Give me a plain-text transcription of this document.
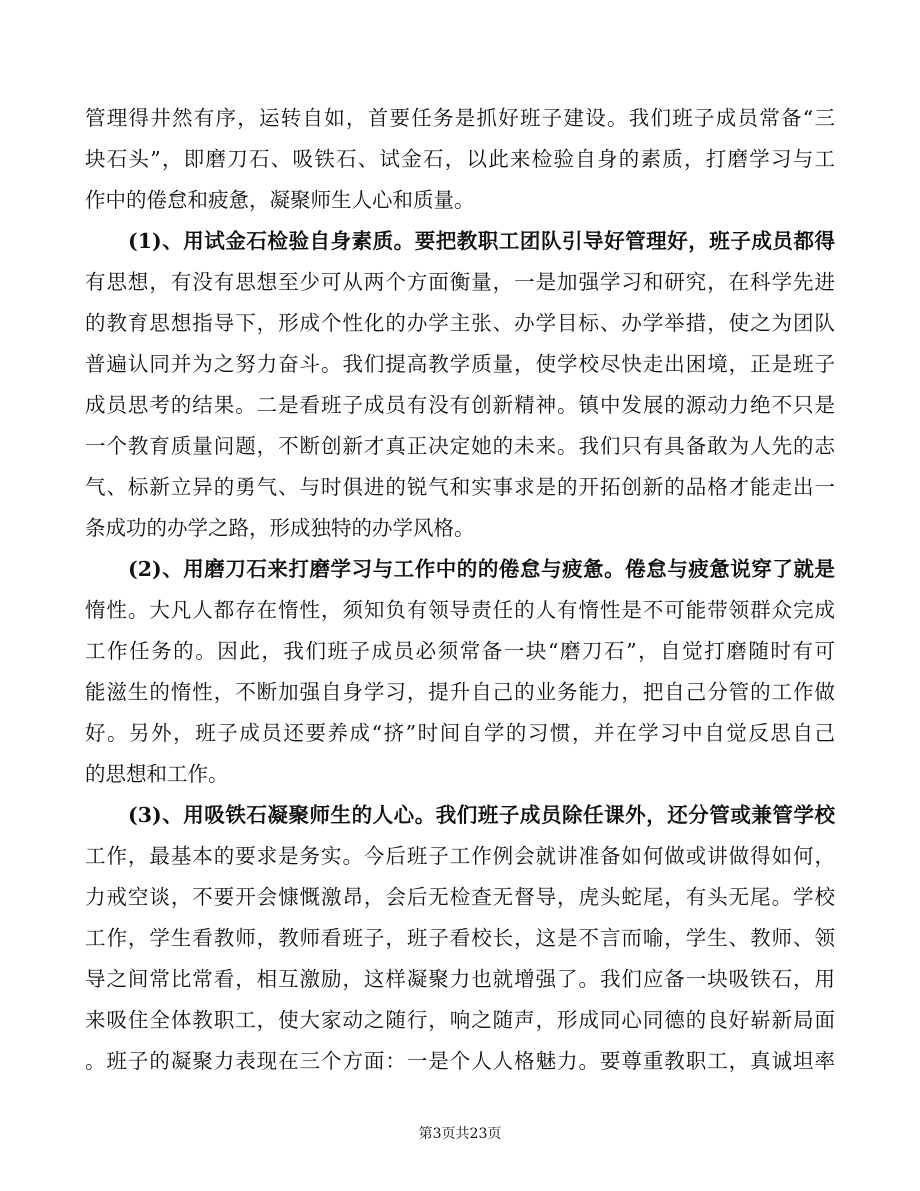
管理得井然有序，运转自如，首要任务是抓好班子建设。我们班子成员常备“三

块石头”，即磨刀石、吸铁石、试金石，以此来检验自身的素质，打磨学习与工

作中的倦怠和疲惫，凝聚师生人心和质量。

(1)、用试金石检验自身素质。要把教职工团队引导好管理好，班子成员都得

有思想，有没有思想至少可从两个方面衡量，一是加强学习和研究，在科学先进

的教育思想指导下，形成个性化的办学主张、办学目标、办学举措，使之为团队

普遍认同并为之努力奋斗。我们提高教学质量，使学校尽快走出困境，正是班子

成员思考的结果。二是看班子成员有没有创新精神。镇中发展的源动力绝不只是

一个教育质量问题，不断创新才真正决定她的未来。我们只有具备敢为人先的志

气、标新立异的勇气、与时俱进的锐气和实事求是的开拓创新的品格才能走出一

条成功的办学之路，形成独特的办学风格。

(2)、用磨刀石来打磨学习与工作中的的倦怠与疲惫。倦怠与疲惫说穿了就是

惰性。大凡人都存在惰性，须知负有领导责任的人有惰性是不可能带领群众完成

工作任务的。因此，我们班子成员必须常备一块“磨刀石”，自觉打磨随时有可

能滋生的惰性，不断加强自身学习，提升自己的业务能力，把自己分管的工作做

好。另外，班子成员还要养成“挤”时间自学的习惯，并在学习中自觉反思自己

的思想和工作。

(3)、用吸铁石凝聚师生的人心。我们班子成员除任课外，还分管或兼管学校

工作，最基本的要求是务实。今后班子工作例会就讲准备如何做或讲做得如何，

力戒空谈，不要开会慷慨激昂，会后无检查无督导，虎头蛇尾，有头无尾。学校

工作，学生看教师，教师看班子，班子看校长，这是不言而喻，学生、教师、领

导之间常比常看，相互激励，这样凝聚力也就增强了。我们应备一块吸铁石，用

来吸住全体教职工，使大家动之随行，响之随声，形成同心同德的良好崭新局面

。班子的凝聚力表现在三个方面：一是个人人格魅力。要尊重教职工，真诚坦率

第3页共23页
